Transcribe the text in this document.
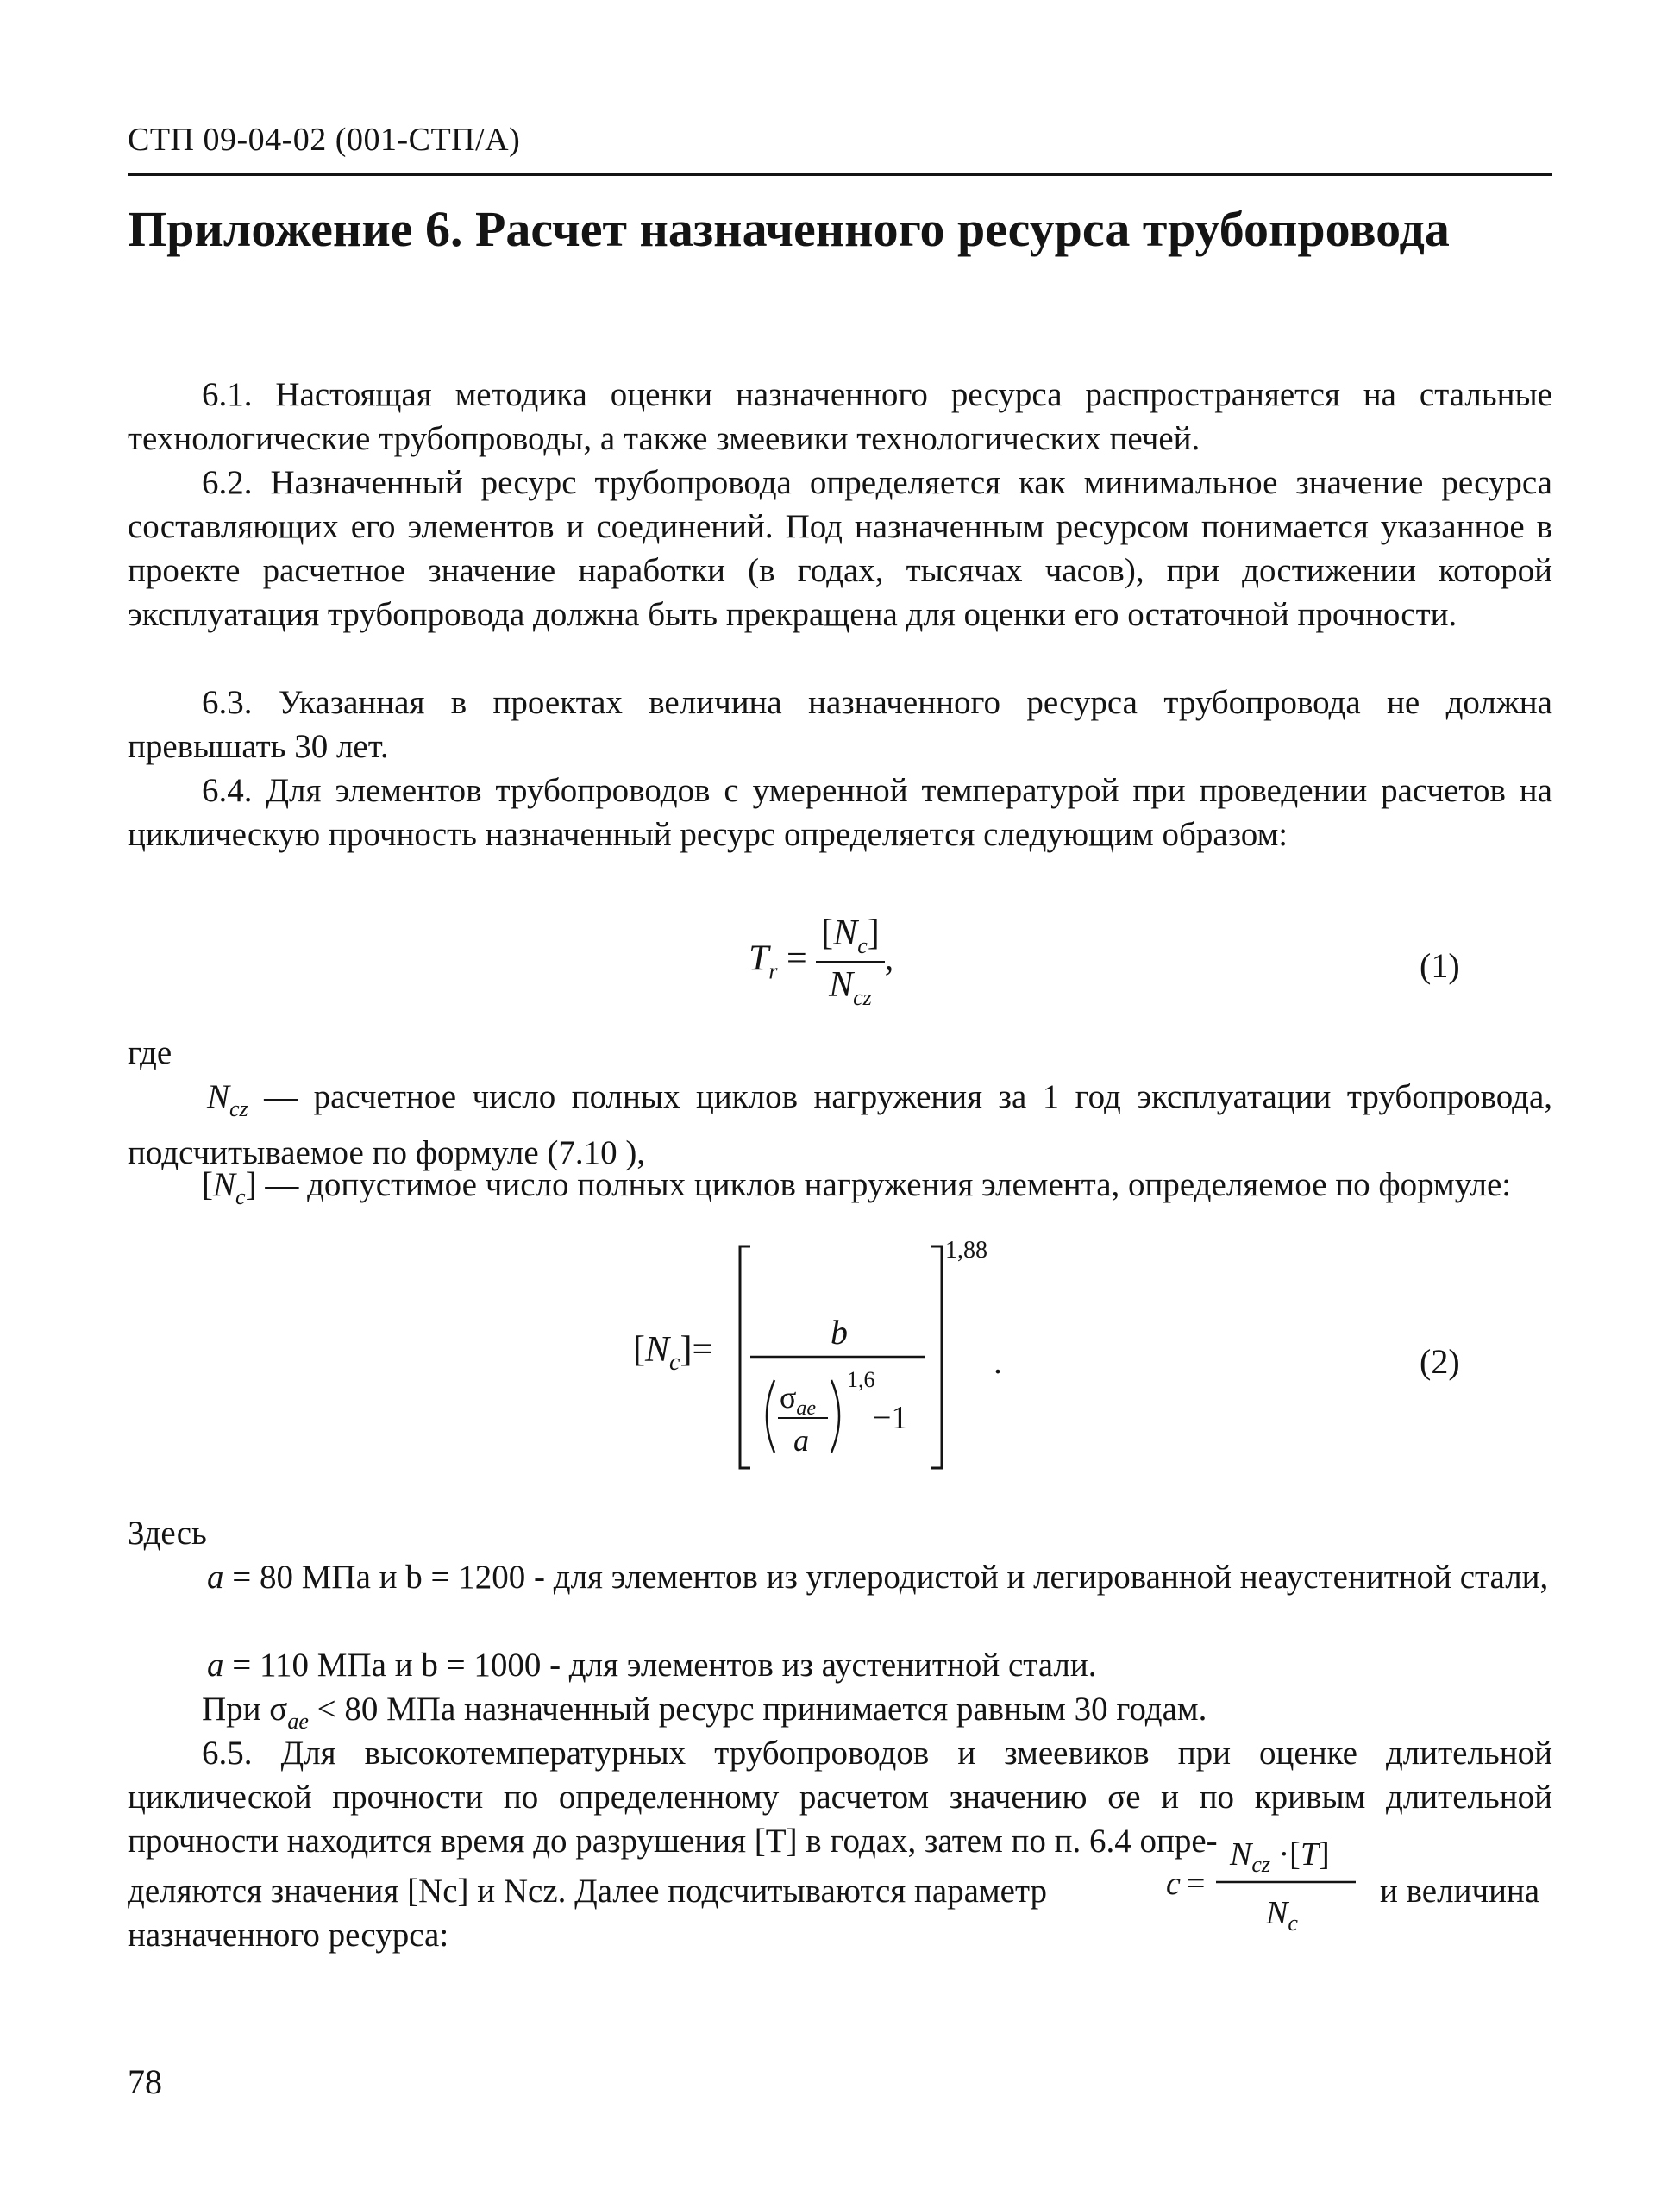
СТП 09-04-02 (001-СТП/А)
Приложение 6. Расчет назначенного ресурса трубопровода
6.1. Настоящая методика оценки назначенного ресурса распространяется на стальные технологические трубопроводы, а также змеевики технологических печей.
6.2. Назначенный ресурс трубопровода определяется как минимальное значение ресурса составляющих его элементов и соединений. Под назначенным ресурсом понимается указанное в проекте расчетное значение наработки (в годах, тысячах часов), при достижении которой эксплуатация трубопровода должна быть прекращена для оценки его остаточной прочности.
6.3. Указанная в проектах величина назначенного ресурса трубопровода не должна превышать 30 лет.
6.4. Для элементов трубопроводов с умеренной температурой при проведении расчетов на циклическую прочность назначенный ресурс определяется следующим образом:
$T_r = \frac{[N_c]}{N_{cz}}$ ,	(1)
где
$N_{cz}$ — расчетное число полных циклов нагружения за 1 год эксплуатации трубопровода, подсчитываемое по формуле (7.10 ),
$[N_c]$ — допустимое число полных циклов нагружения элемента, определяемое по формуле:
$[N_c]=$
1,88
b
$\sigma_{ae}$
a
1,6
−1
.	(2)
Здесь
a = 80 МПа и b = 1200 - для элементов из углеродистой и легированной неаустенитной стали,
a = 110 МПа и b = 1000 - для элементов из аустенитной стали.
При $\sigma_{ae} < 80$ МПа назначенный ресурс принимается равным 30 годам.
6.5. Для высокотемпературных трубопроводов и змеевиков при оценке длительной циклической прочности по определенному расчетом значению σe и по кривым длительной прочности находится время до разрушения [T] в годах, затем по п. 6.4 опре-
деляются значения [Nc] и Ncz. Далее подсчитываются параметр	c =
$N_{cz} \cdot[T]$
$N_c$
и величина
назначенного ресурса:
78
